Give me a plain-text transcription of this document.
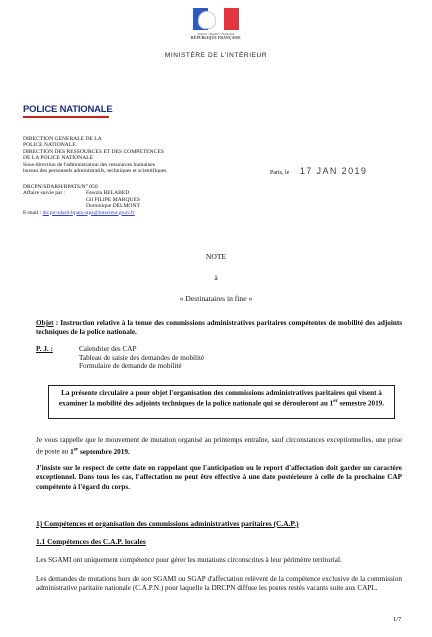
Liberté • Égalité • Fraternité
RÉPUBLIQUE FRANÇAISE
MINISTÈRE DE L'INTÉRIEUR
POLICE NATIONALE
DIRECTION GENERALE DE LA
POLICE NATIONALE
DIRECTION DES RESSOURCES ET DES COMPETENCES
DE LA POLICE NATIONALE
Sous-direction de l'administration des ressources humaines
bureau des personnels administratifs, techniques et scientifiques
DRCPN/SDARH/BPATS/N° 050
Affaire suivie par :	Fawzia BELABED
Gil FILIPE MARQUES
Dominique DELMONT
E-mail : drcpn-sdarh-bpats-stps@interieur.gouv.fr
Paris, le 17 JAN 2019
NOTE
à
« Destinataires in fine »
Objet : Instruction relative à la tenue des commissions administratives paritaires compétentes de mobilité des adjoints techniques de la police nationale.
P. J. :	Calendrier des CAP
Tableau de saisie des demandes de mobilité
Formulaire de demande de mobilité
La présente circulaire a pour objet l'organisation des commissions administratives paritaires qui visent à examiner la mobilité des adjoints techniques de la police nationale qui se dérouleront au 1er semestre 2019.
Je vous rappelle que le mouvement de mutation organisé au printemps entraîne, sauf circonstances exceptionnelles, une prise de poste au 1er septembre 2019.
J'insiste sur le respect de cette date en rappelant que l'anticipation ou le report d'affectation doit garder un caractère exceptionnel. Dans tous les cas, l'affectation ne peut être effective à une date postérieure à celle de la prochaine CAP compétente à l'égard du corps.
1) Compétences et organisation des commissions administratives paritaires (C.A.P.)
1.1 Compétences des C.A.P. locales
Les SGAMI ont uniquement compétence pour gérer les mutations circonscrites à leur périmètre territorial.
Les demandes de mutations hors de son SGAMI ou SGAP d'affectation relèvent de la compétence exclusive de la commission administrative paritaire nationale (C.A.P.N.) pour laquelle la DRCPN diffuse les postes restés vacants suite aux CAPL.
1/7
